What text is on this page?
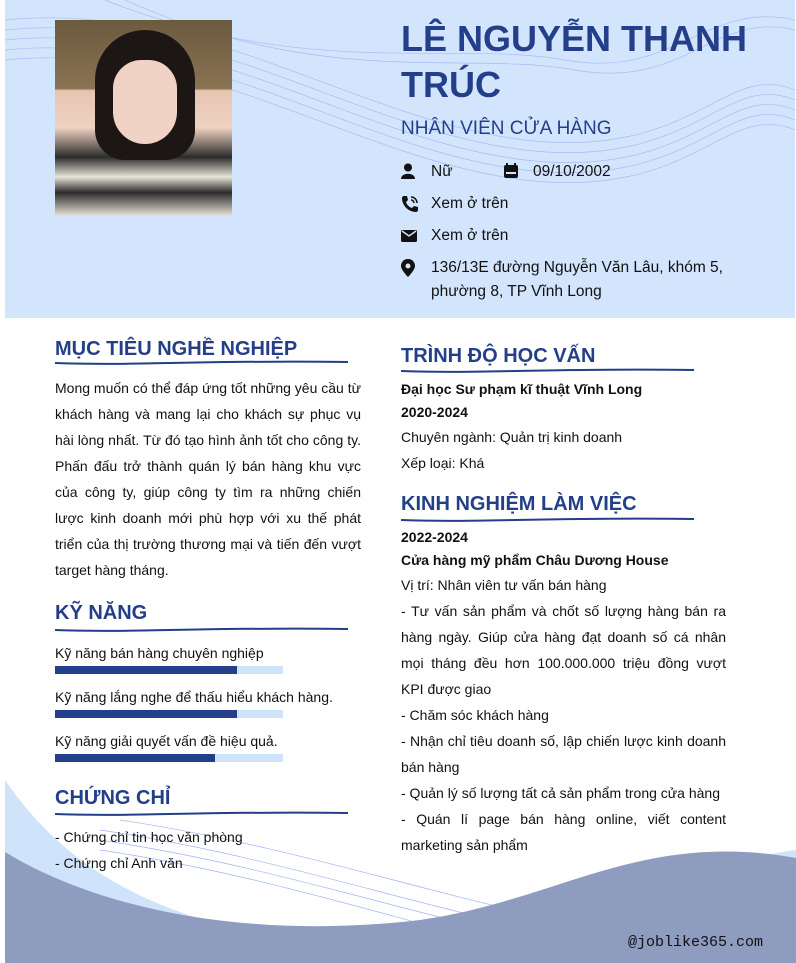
LÊ NGUYỄN THANH TRÚC
NHÂN VIÊN CỬA HÀNG
Nữ	09/10/2002
Xem ở trên
Xem ở trên
136/13E đường Nguyễn Văn Lâu, khóm 5, phường 8, TP Vĩnh Long
MỤC TIÊU NGHỀ NGHIỆP
Mong muốn có thể đáp ứng tốt những yêu cầu từ khách hàng và mang lại cho khách sự phục vụ hài lòng nhất. Từ đó tạo hình ảnh tốt cho công ty. Phấn đấu trở thành quán lý bán hàng khu vực của công ty, giúp công ty tìm ra những chiến lược kinh doanh mới phù hợp với xu thế phát triển của thị trường thương mại và tiến đến vượt target hàng tháng.
KỸ NĂNG
Kỹ năng bán hàng chuyên nghiệp
Kỹ năng lắng nghe để thấu hiểu khách hàng.
Kỹ năng giải quyết vấn đề hiệu quả.
CHỨNG CHỈ
- Chứng chỉ tin học văn phòng
- Chứng chỉ Anh văn
TRÌNH ĐỘ HỌC VẤN
Đại học Sư phạm kĩ thuật Vĩnh Long
2020-2024
Chuyên ngành: Quản trị kinh doanh
Xếp loại: Khá
KINH NGHIỆM LÀM VIỆC
2022-2024
Cửa hàng mỹ phẩm Châu Dương House
Vị trí: Nhân viên tư vấn bán hàng
- Tư vấn sản phẩm và chốt số lượng hàng bán ra hàng ngày. Giúp cửa hàng đạt doanh số cá nhân mọi tháng đều hơn 100.000.000 triệu đồng vượt KPI được giao
- Chăm sóc khách hàng
- Nhận chỉ tiêu doanh số, lập chiến lược kinh doanh bán hàng
- Quản lý số lượng tất cả sản phẩm trong cửa hàng
- Quán lí page bán hàng online, viết content marketing sản phẩm
@joblike365.com
